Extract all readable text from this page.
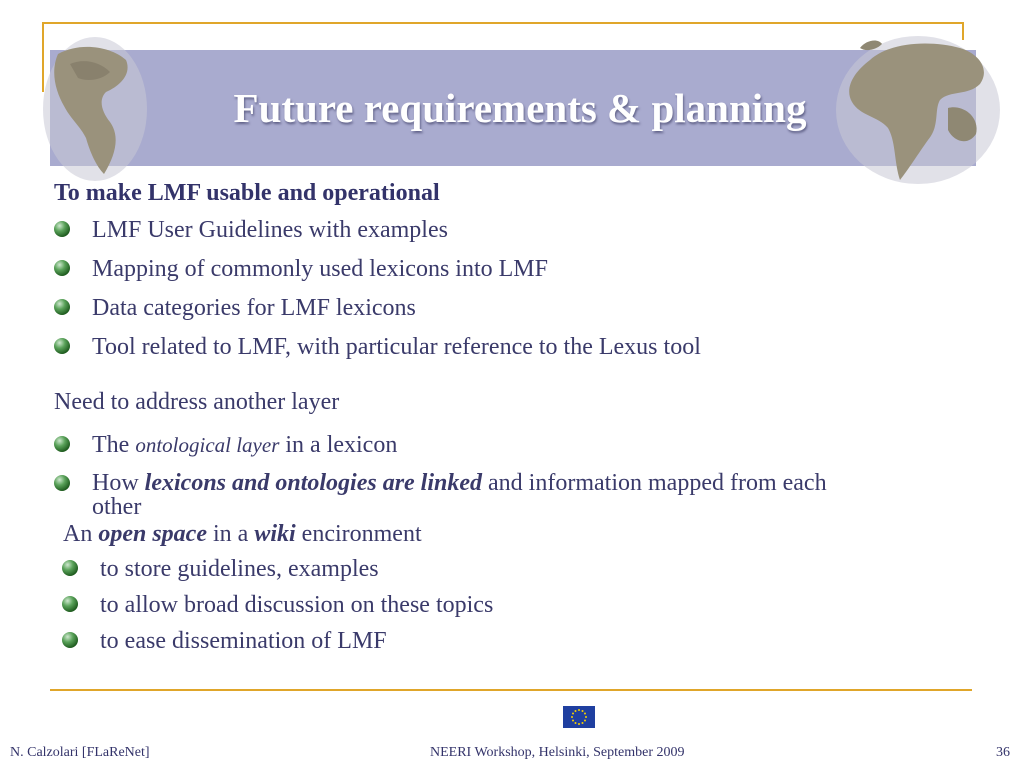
Future requirements & planning
To make LMF usable and operational
LMF User Guidelines with examples
Mapping of commonly used lexicons into LMF
Data categories for LMF lexicons
Tool related to LMF, with particular reference to the Lexus tool
Need to address another layer
The ontological layer in a lexicon
How lexicons and ontologies are linked and information mapped from each
other
An open space in a wiki encironment
to store guidelines, examples
to allow broad discussion on these topics
to ease dissemination of LMF
N. Calzolari [FLaReNet]	NEERI Workshop, Helsinki, September 2009	36
